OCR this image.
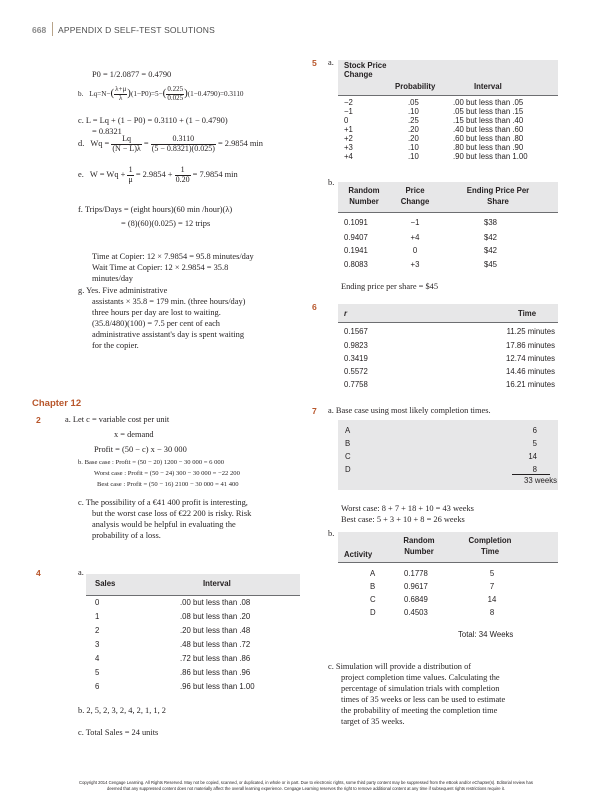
668 APPENDIX D SELF-TEST SOLUTIONS
P0 = 1/2.0877 = 0.4790
b. $Lq=N-( \frac{\lambda+\mu}{\lambda} )(1-P0)=5-( \frac{0.225}{0.025} )(1-0.4790)=0.3110$
c. L = Lq + (1 − P0) = 0.3110 + (1 − 0.4790)
= 0.8321
d. $Wq = \frac{Lq}{(N - L)\lambda} = \frac{0.3110}{(5 - 0.8321)(0.025)} = 2.9854$ min
e. $W = Wq + \frac{1}{\mu} = 2.9854 + \frac{1}{0.20} = 7.9854$ min
f. Trips/Days = (eight hours)(60 min /hour)(λ)
= (8)(60)(0.025) = 12 trips
Time at Copier: 12 × 7.9854 = 95.8 minutes/day
Wait Time at Copier: 12 × 2.9854 = 35.8
minutes/day
g. Yes. Five administrative
assistants × 35.8 = 179 min. (three hours/day)
three hours per day are lost to waiting.
(35.8/480)(100) = 7.5 per cent of each
administrative assistant's day is spent waiting
for the copier.
Chapter 12
2	a. Let c = variable cost per unit
x = demand
Profit = (50 − c) x − 30 000
b. Base case : Profit = (50 − 20) 1200 − 30 000 = 6 000
Worst case : Profit = (50 − 24) 300 − 30 000 = −22 200
Best case : Profit = (50 − 16) 2100 − 30 000 = 41 400
c. The possibility of a €41 400 profit is interesting,
but the worst case loss of €22 200 is risky. Risk
analysis would be helpful in evaluating the
probability of a loss.
4	a.
Sales	Interval
0	.00 but less than .08
1	.08 but less than .20
2	.20 but less than .48
3	.48 but less than .72
4	.72 but less than .86
5	.86 but less than .96
6	.96 but less than 1.00
b. 2, 5, 2, 3, 2, 4, 2, 1, 1, 2
c. Total Sales = 24 units
5 a. Stock Price Change
Probability	Interval
−2	.05	.00 but less than .05
−1	.10	.05 but less than .15
0	.25	.15 but less than .40
+1	.20	.40 but less than .60
+2	.20	.60 but less than .80
+3	.10	.80 but less than .90
+4	.10	.90 but less than 1.00
b.
Random Number
Price Change
Ending Price Per Share
0.1091	−1	$38
0.9407	+4	$42
0.1941	0	$42
0.8083	+3	$45
Ending price per share = $45
6
r	Time
0.1567	11.25 minutes
0.9823	17.86 minutes
0.3419	12.74 minutes
0.5572	14.46 minutes
0.7758	16.21 minutes
7 a. Base case using most likely completion times.
A	6
B	5
C	14
D	8
33 weeks
Worst case: 8 + 7 + 18 + 10 = 43 weeks
Best case: 5 + 3 + 10 + 8 = 26 weeks
b.
Activity
Random Number
Completion Time
A	0.1778	5
B	0.9617	7
C	0.6849	14
D	0.4503	8
Total: 34 Weeks
c. Simulation will provide a distribution of
project completion time values. Calculating the
percentage of simulation trials with completion
times of 35 weeks or less can be used to estimate
the probability of meeting the completion time
target of 35 weeks.
Copyright 2014 Cengage Learning. All Rights Reserved. May not be copied, scanned, or duplicated, in whole or in part. Due to electronic rights, some third party content may be suppressed from the eBook and/or eChapter(s). Editorial review has
deemed that any suppressed content does not materially affect the overall learning experience. Cengage Learning reserves the right to remove additional content at any time if subsequent rights restrictions require it.
